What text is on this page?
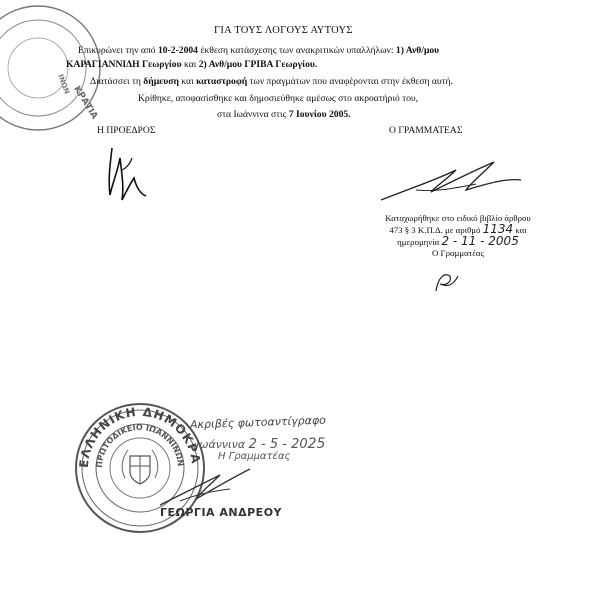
ΚΡΑΤΙΑ
ΙΝΩΝ
ΓΙΑ ΤΟΥΣ ΛΟΓΟΥΣ ΑΥΤΟΥΣ
Επικυρώνει την από 10-2-2004 έκθεση κατάσχεσης των ανακριτικών υπαλλήλων: 1) Ανθ/μου
ΚΑΡΑΓΙΑΝΝΙΔΗ Γεωργίου και 2) Ανθ/μου ΓΡΙΒΑ Γεωργίου.
Διατάσσει τη δήμευση και καταστροφή των πραγμάτων που αναφέρονται στην έκθεση αυτή.
Κρίθηκε, αποφασίσθηκε και δημοσιεύθηκε αμέσως στο ακροατήριό του,
στα Ιωάννινα στις 7 Ιουνίου 2005.
Η ΠΡΟΕΔΡΟΣ	Ο ΓΡΑΜΜΑΤΕΑΣ
Καταχωρήθηκε στο ειδικό βιβλίο άρθρου
473 § 3 Κ.Π.Δ. με αριθμό 1134 και
ημερομηνία 2 - 11 - 2005
Ο Γραμματέας
ΕΛΛΗΝΙΚΗ ΔΗΜΟΚΡΑΤΙΑ
ΠΡΩΤΟΔΙΚΕΙΟ ΙΩΑΝΝΙΝΩΝ
Ακριβές φωτοαντίγραφο
Ιωάννινα 2 - 5 - 2025
Η Γραμματέας
ΓΕΩΡΓΙΑ ΑΝΔΡΕΟΥ
